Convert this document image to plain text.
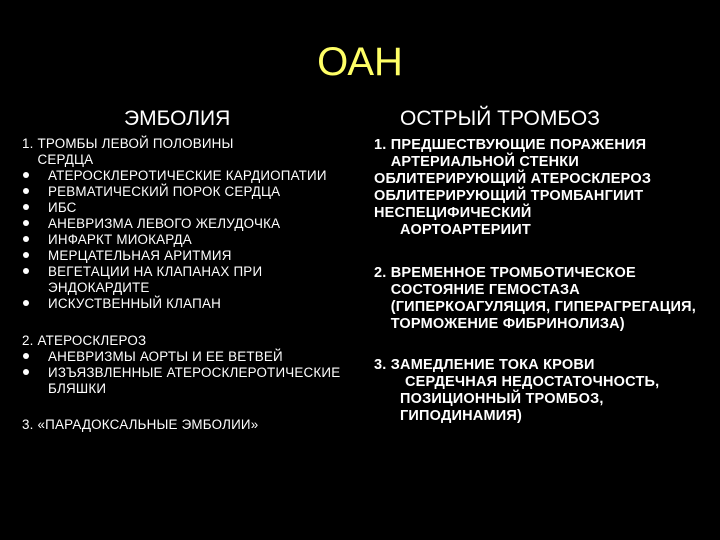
ОАН
ЭМБОЛИЯ	ОСТРЫЙ ТРОМБОЗ
1. ТРОМБЫ ЛЕВОЙ ПОЛОВИНЫ СЕРДЦА
АТЕРОСКЛЕРОТИЧЕСКИЕ КАРДИОПАТИИ
РЕВМАТИЧЕСКИЙ ПОРОК СЕРДЦА
ИБС
АНЕВРИЗМА ЛЕВОГО ЖЕЛУДОЧКА
ИНФАРКТ МИОКАРДА
МЕРЦАТЕЛЬНАЯ АРИТМИЯ
ВЕГЕТАЦИИ НА КЛАПАНАХ ПРИ ЭНДОКАРДИТЕ
ИСКУСТВЕННЫЙ КЛАПАН
2. АТЕРОСКЛЕРОЗ
АНЕВРИЗМЫ АОРТЫ И ЕЕ ВЕТВЕЙ
ИЗЪЯЗВЛЕННЫЕ АТЕРОСКЛЕРОТИЧЕСКИЕ БЛЯШКИ
3. «ПАРАДОКСАЛЬНЫЕ ЭМБОЛИИ»
1. ПРЕДШЕСТВУЮЩИЕ ПОРАЖЕНИЯ АРТЕРИАЛЬНОЙ СТЕНКИ
ОБЛИТЕРИРУЮЩИЙ АТЕРОСКЛЕРОЗ
ОБЛИТЕРИРУЮЩИЙ ТРОМБАНГИИТ
НЕСПЕЦИФИЧЕСКИЙ АОРТОАРТЕРИИТ
2. ВРЕМЕННОЕ ТРОМБОТИЧЕСКОЕ СОСТОЯНИЕ ГЕМОСТАЗА (ГИПЕРКОАГУЛЯЦИЯ, ГИПЕРАГРЕГАЦИЯ, ТОРМОЖЕНИЕ ФИБРИНОЛИЗА)
3. ЗАМЕДЛЕНИЕ ТОКА КРОВИ
СЕРДЕЧНАЯ НЕДОСТАТОЧНОСТЬ, ПОЗИЦИОННЫЙ ТРОМБОЗ, ГИПОДИНАМИЯ)
